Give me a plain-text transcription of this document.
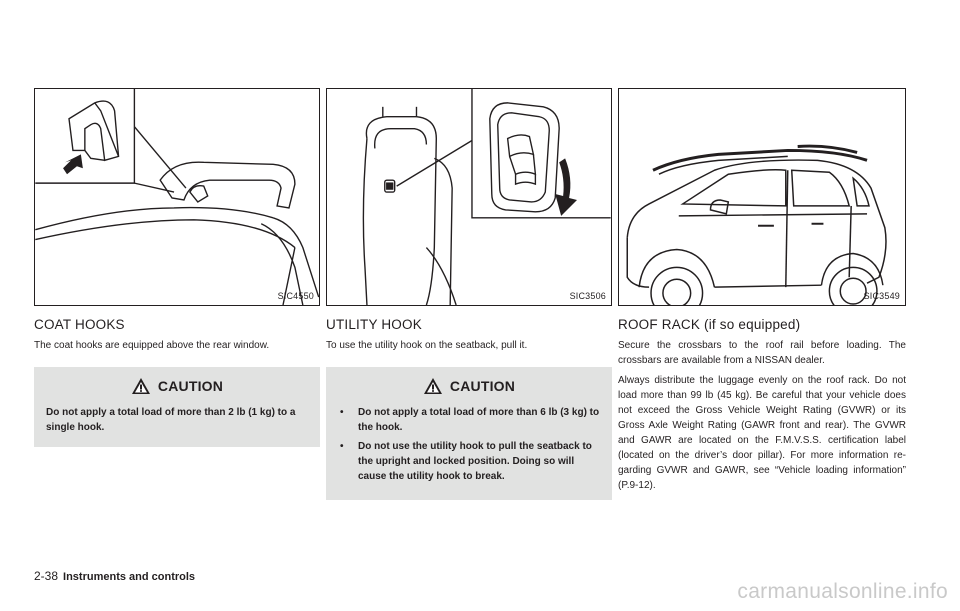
SIC4550
COAT HOOKS

The coat hooks are equipped above the rear window.

CAUTION

Do not apply a total load of more than 2 lb (1 kg) to a single hook.

SIC3506
UTILITY HOOK

To use the utility hook on the seatback, pull it.

CAUTION
• Do not apply a total load of more than 6 lb (3 kg) to the hook.
• Do not use the utility hook to pull the seatback to the upright and locked position. Doing so will cause the utility hook to break.
SIC3549
ROOF RACK (if so equipped)

Secure the crossbars to the roof rail before loading. The crossbars are available from a NISSAN dealer.

Always distribute the luggage evenly on the roof rack. Do not load more than 99 lb (45 kg). Be careful that your vehicle does not exceed the Gross Vehicle Weight Rating (GVWR) or its Gross Axle Weight Rating (GAWR front and rear). The GVWR and GAWR are located on the F.M.V.S.S. certification label (located on the driver’s door pillar). For more information re-garding GVWR and GAWR, see “Vehicle loading information” (P.9-12).

2-38 Instruments and controls
carmanualsonline.info
